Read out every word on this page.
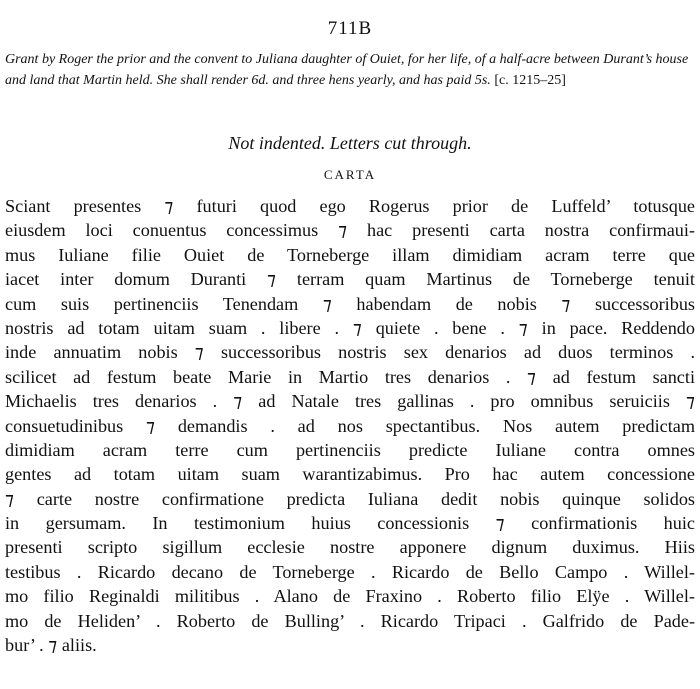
711B
Grant by Roger the prior and the convent to Juliana daughter of Ouiet, for her life, of a half-acre between Durant’s house and land that Martin held. She shall render 6d. and three hens yearly, and has paid 5s. [c. 1215–25]
Not indented. Letters cut through.
CARTA
Sciant presentes ⁊ futuri quod ego Rogerus prior de Luffeld’ totusque
eiusdem loci conuentus concessimus ⁊ hac presenti carta nostra confirmaui-
mus Iuliane filie Ouiet de Torneberge illam dimidiam acram terre que
iacet inter domum Duranti ⁊ terram quam Martinus de Torneberge tenuit
cum suis pertinenciis Tenendam ⁊ habendam de nobis ⁊ successoribus
nostris ad totam uitam suam . libere . ⁊ quiete . bene . ⁊ in pace. Reddendo
inde annuatim nobis ⁊ successoribus nostris sex denarios ad duos terminos .
scilicet ad festum beate Marie in Martio tres denarios . ⁊ ad festum sancti
Michaelis tres denarios . ⁊ ad Natale tres gallinas . pro omnibus seruiciis ⁊
consuetudinibus ⁊ demandis . ad nos spectantibus. Nos autem predictam
dimidiam acram terre cum pertinenciis predicte Iuliane contra omnes
gentes ad totam uitam suam warantizabimus. Pro hac autem concessione
⁊ carte nostre confirmatione predicta Iuliana dedit nobis quinque solidos
in gersumam. In testimonium huius concessionis ⁊ confirmationis huic
presenti scripto sigillum ecclesie nostre apponere dignum duximus. Hiis
testibus . Ricardo decano de Torneberge . Ricardo de Bello Campo . Willel-
mo filio Reginaldi militibus . Alano de Fraxino . Roberto filio Elÿe . Willel-
mo de Heliden’ . Roberto de Bulling’ . Ricardo Tripaci . Galfrido de Pade-
bur’ . ⁊ aliis.
